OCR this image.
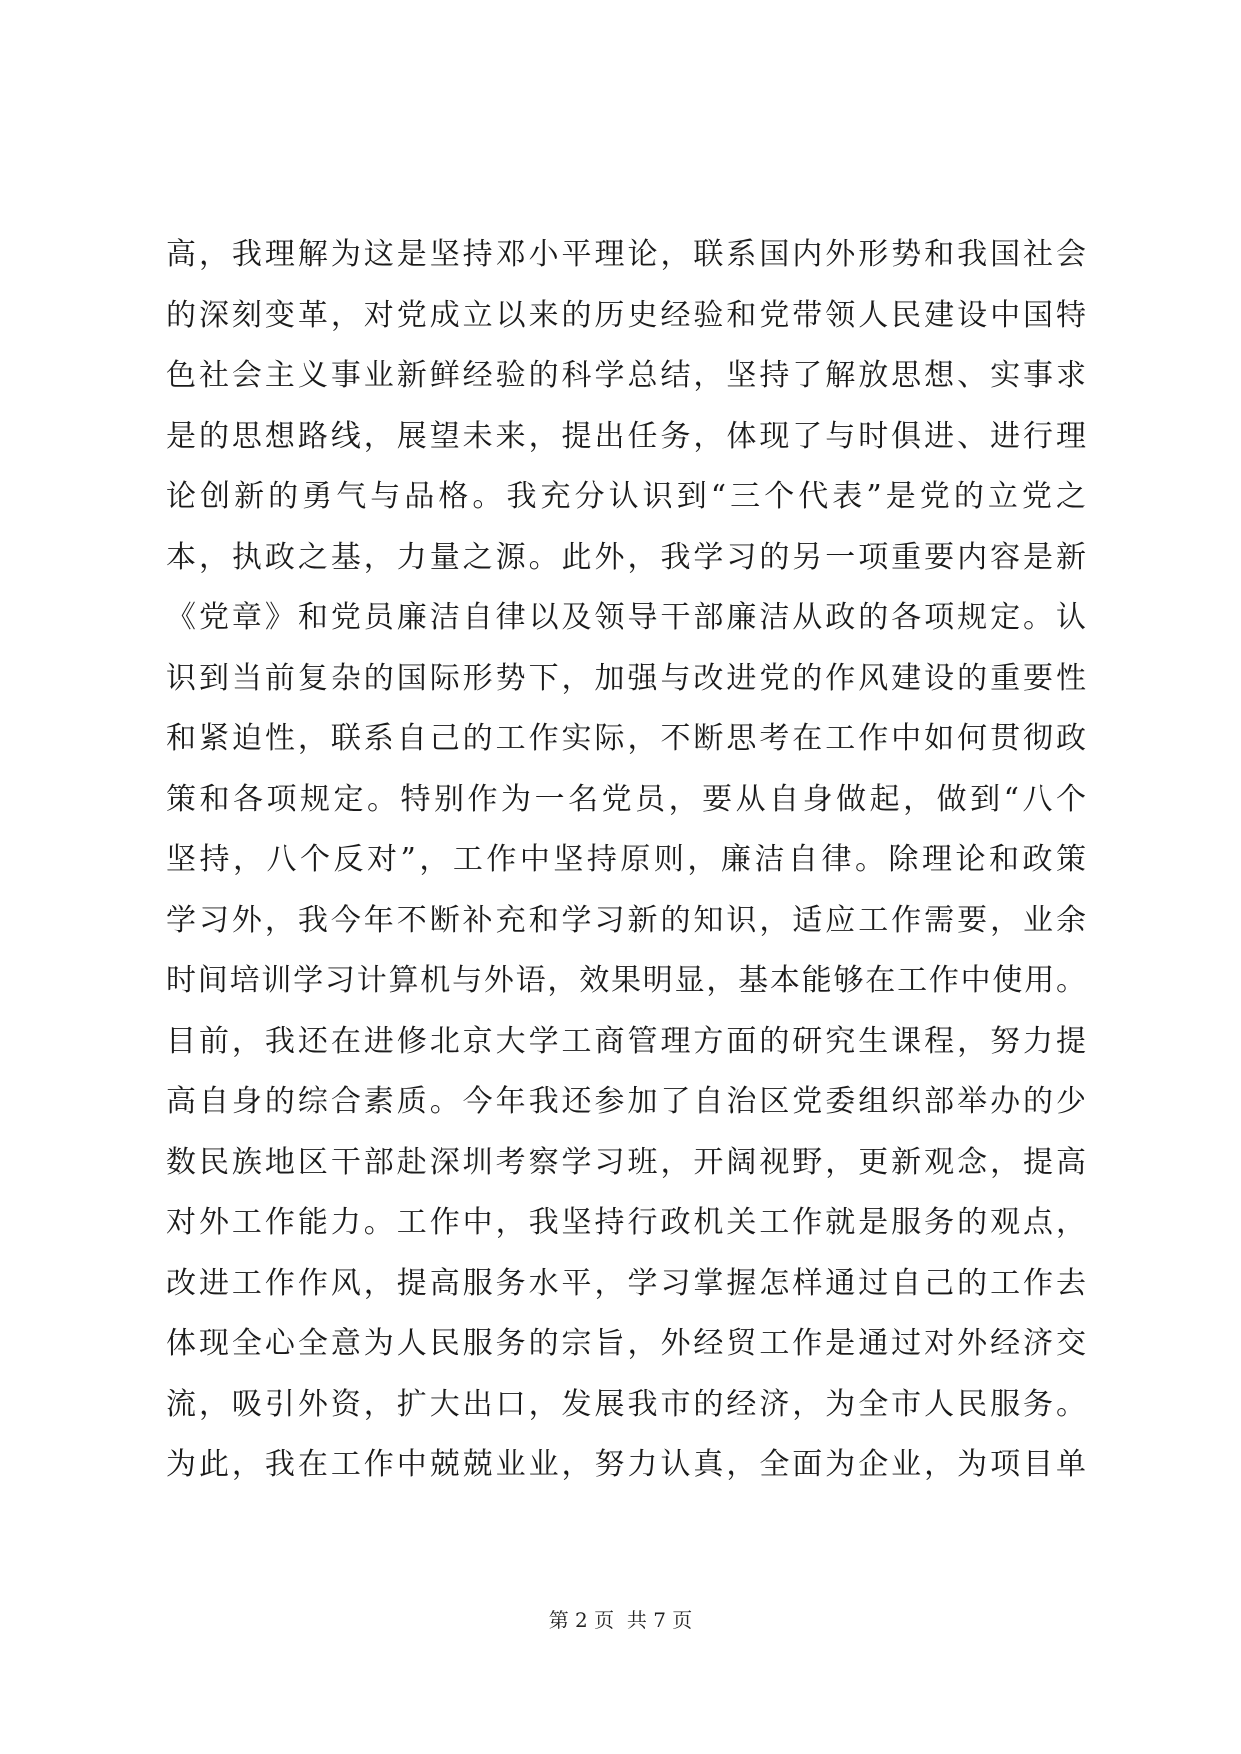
高，我理解为这是坚持邓小平理论，联系国内外形势和我国社会
的深刻变革，对党成立以来的历史经验和党带领人民建设中国特
色社会主义事业新鲜经验的科学总结，坚持了解放思想、实事求
是的思想路线，展望未来，提出任务，体现了与时俱进、进行理
论创新的勇气与品格。我充分认识到“三个代表”是党的立党之
本，执政之基，力量之源。此外，我学习的另一项重要内容是新
《党章》和党员廉洁自律以及领导干部廉洁从政的各项规定。认
识到当前复杂的国际形势下，加强与改进党的作风建设的重要性
和紧迫性，联系自己的工作实际，不断思考在工作中如何贯彻政
策和各项规定。特别作为一名党员，要从自身做起，做到“八个
坚持，八个反对”，工作中坚持原则，廉洁自律。除理论和政策
学习外，我今年不断补充和学习新的知识，适应工作需要，业余
时间培训学习计算机与外语，效果明显，基本能够在工作中使用。
目前，我还在进修北京大学工商管理方面的研究生课程，努力提
高自身的综合素质。今年我还参加了自治区党委组织部举办的少
数民族地区干部赴深圳考察学习班，开阔视野，更新观念，提高
对外工作能力。工作中，我坚持行政机关工作就是服务的观点，
改进工作作风，提高服务水平，学习掌握怎样通过自己的工作去
体现全心全意为人民服务的宗旨，外经贸工作是通过对外经济交
流，吸引外资，扩大出口，发展我市的经济，为全市人民服务。
为此，我在工作中兢兢业业，努力认真，全面为企业，为项目单
第 2 页  共 7 页
